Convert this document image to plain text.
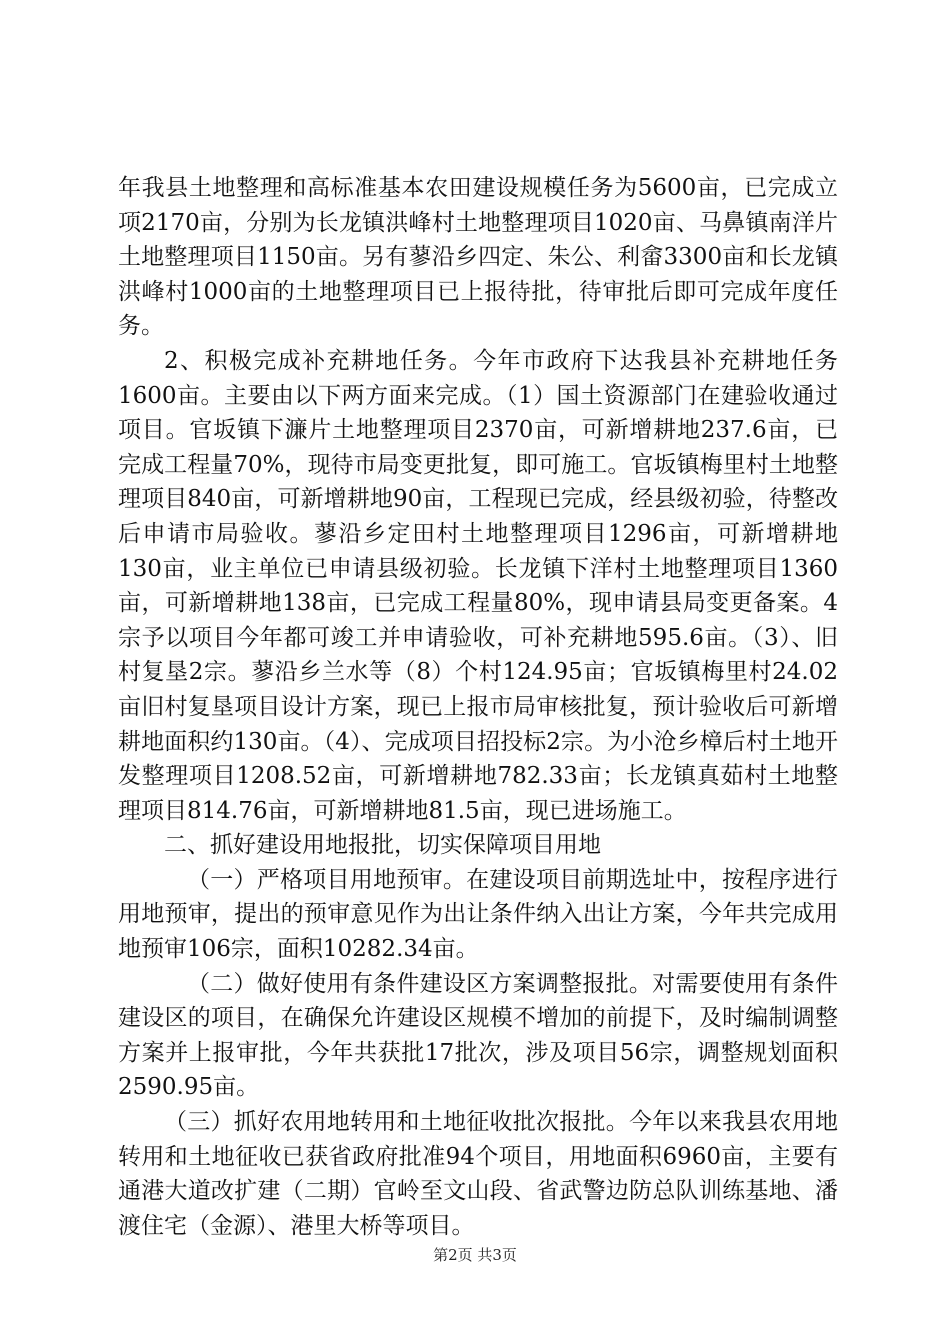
年我县土地整理和高标准基本农田建设规模任务为5600亩，已完成立项2170亩，分别为长龙镇洪峰村土地整理项目1020亩、马鼻镇南洋片土地整理项目1150亩。另有蓼沿乡四定、朱公、利畲3300亩和长龙镇洪峰村1000亩的土地整理项目已上报待批，待审批后即可完成年度任务。

2、积极完成补充耕地任务。今年市政府下达我县补充耕地任务1600亩。主要由以下两方面来完成。（1）国土资源部门在建验收通过项目。官坂镇下濂片土地整理项目2370亩，可新增耕地237.6亩，已完成工程量70%，现待市局变更批复，即可施工。官坂镇梅里村土地整理项目840亩，可新增耕地90亩，工程现已完成，经县级初验，待整改后申请市局验收。蓼沿乡定田村土地整理项目1296亩，可新增耕地130亩，业主单位已申请县级初验。长龙镇下洋村土地整理项目1360亩，可新增耕地138亩，已完成工程量80%，现申请县局变更备案。4宗予以项目今年都可竣工并申请验收，可补充耕地595.6亩。（3）、旧村复垦2宗。蓼沿乡兰水等（8）个村124.95亩；官坂镇梅里村24.02亩旧村复垦项目设计方案，现已上报市局审核批复，预计验收后可新增耕地面积约130亩。（4）、完成项目招投标2宗。为小沧乡樟后村土地开发整理项目1208.52亩，可新增耕地782.33亩；长龙镇真茹村土地整理项目814.76亩，可新增耕地81.5亩，现已进场施工。

二、抓好建设用地报批，切实保障项目用地

（一）严格项目用地预审。在建设项目前期选址中，按程序进行用地预审，提出的预审意见作为出让条件纳入出让方案，今年共完成用地预审106宗，面积10282.34亩。

（二）做好使用有条件建设区方案调整报批。对需要使用有条件建设区的项目，在确保允许建设区规模不增加的前提下，及时编制调整方案并上报审批，今年共获批17批次，涉及项目56宗，调整规划面积2590.95亩。

（三）抓好农用地转用和土地征收批次报批。今年以来我县农用地转用和土地征收已获省政府批准94个项目，用地面积6960亩，主要有通港大道改扩建（二期）官岭至文山段、省武警边防总队训练基地、潘渡住宅（金源）、港里大桥等项目。

第2页 共3页
